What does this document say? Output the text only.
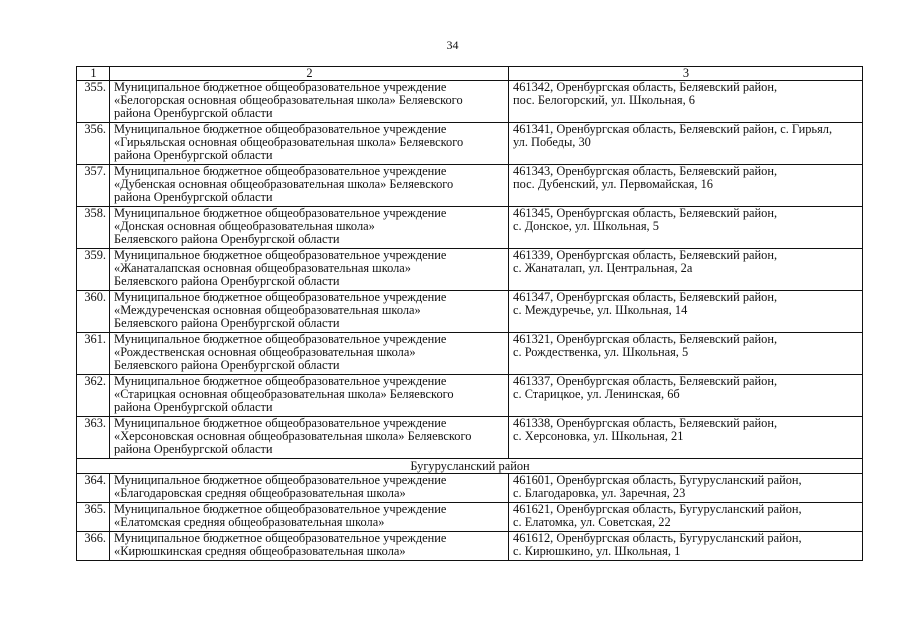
34
1	2	3
355.	Муниципальное бюджетное общеобразовательное учреждение
«Белогорская основная общеобразовательная школа» Беляевского
района Оренбургской области	461342, Оренбургская область, Беляевский район,
пос. Белогорский, ул. Школьная, 6

356.	Муниципальное бюджетное общеобразовательное учреждение
«Гирьяльская основная общеобразовательная школа» Беляевского
района Оренбургской области	461341, Оренбургская область, Беляевский район, с. Гирьял,
ул. Победы, 30

357.	Муниципальное бюджетное общеобразовательное учреждение
«Дубенская основная общеобразовательная школа» Беляевского
района Оренбургской области	461343, Оренбургская область, Беляевский район,
пос. Дубенский, ул. Первомайская, 16

358.	Муниципальное бюджетное общеобразовательное учреждение
«Донская основная общеобразовательная школа»
Беляевского района Оренбургской области	461345, Оренбургская область, Беляевский район,
с. Донское, ул. Школьная, 5

359.	Муниципальное бюджетное общеобразовательное учреждение
«Жанаталапская основная общеобразовательная школа»
Беляевского района Оренбургской области	461339, Оренбургская область, Беляевский район,
с. Жанаталап, ул. Центральная, 2а

360.	Муниципальное бюджетное общеобразовательное учреждение
«Междуреченская основная общеобразовательная школа»
Беляевского района Оренбургской области	461347, Оренбургская область, Беляевский район,
с. Междуречье, ул. Школьная, 14

361.	Муниципальное бюджетное общеобразовательное учреждение
«Рождественская основная общеобразовательная школа»
Беляевского района Оренбургской области	461321, Оренбургская область, Беляевский район,
с. Рождественка, ул. Школьная, 5

362.	Муниципальное бюджетное общеобразовательное учреждение
«Старицкая основная общеобразовательная школа» Беляевского
района Оренбургской области	461337, Оренбургская область, Беляевский район,
с. Старицкое, ул. Ленинская, 6б

363.	Муниципальное бюджетное общеобразовательное учреждение
«Херсоновская основная общеобразовательная школа» Беляевского
района Оренбургской области	461338, Оренбургская область, Беляевский район,
с. Херсоновка, ул. Школьная, 21

Бугурусланский район		
364.	Муниципальное бюджетное общеобразовательное учреждение
«Благодаровская средняя общеобразовательная школа»	461601, Оренбургская область, Бугурусланский район,
с. Благодаровка, ул. Заречная, 23

365.	Муниципальное бюджетное общеобразовательное учреждение
«Елатомская средняя общеобразовательная школа»	461621, Оренбургская область, Бугурусланский район,
с. Елатомка, ул. Советская, 22

366.	Муниципальное бюджетное общеобразовательное учреждение
«Кирюшкинская средняя общеобразовательная школа»	461612, Оренбургская область, Бугурусланский район,
с. Кирюшкино, ул. Школьная, 1
